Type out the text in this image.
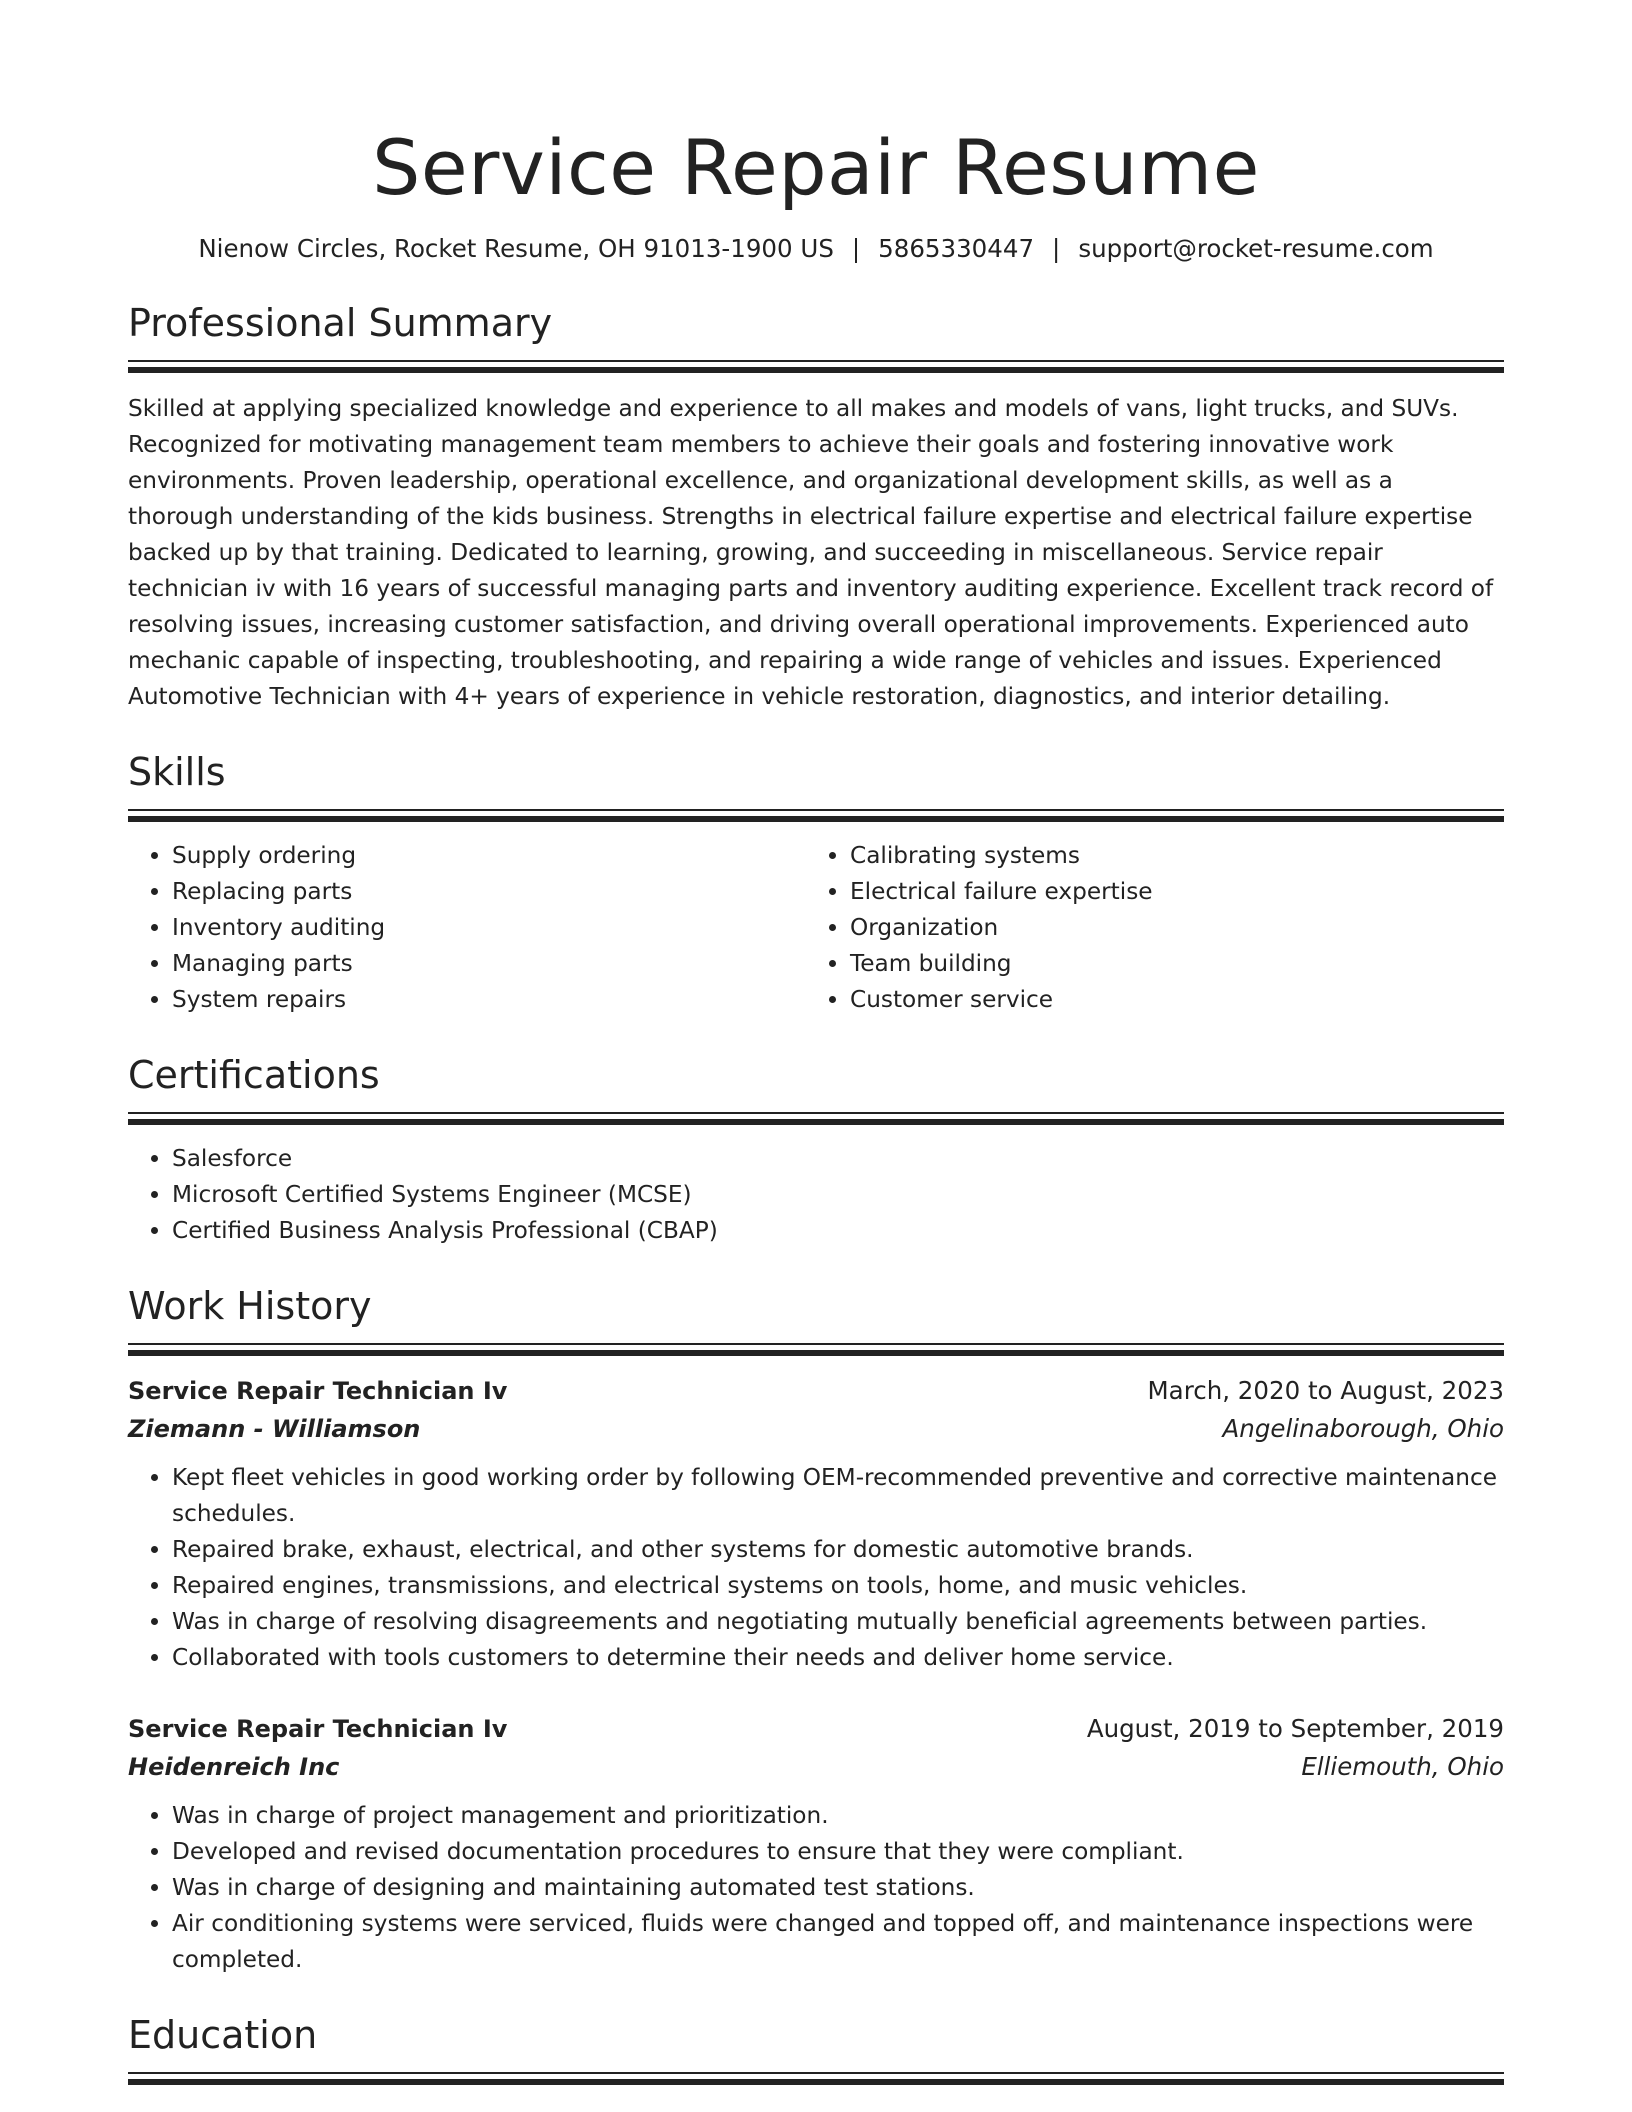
Service Repair Resume
Nienow Circles, Rocket Resume, OH 91013-1900 US | 5865330447 | support@rocket-resume.com
Professional Summary
Skilled at applying specialized knowledge and experience to all makes and models of vans, light trucks, and SUVs. Recognized for motivating management team members to achieve their goals and fostering innovative work environments. Proven leadership, operational excellence, and organizational development skills, as well as a thorough understanding of the kids business. Strengths in electrical failure expertise and electrical failure expertise backed up by that training. Dedicated to learning, growing, and succeeding in miscellaneous. Service repair technician iv with 16 years of successful managing parts and inventory auditing experience. Excellent track record of resolving issues, increasing customer satisfaction, and driving overall operational improvements. Experienced auto mechanic capable of inspecting, troubleshooting, and repairing a wide range of vehicles and issues. Experienced Automotive Technician with 4+ years of experience in vehicle restoration, diagnostics, and interior detailing.
Skills
• Supply ordering
• Replacing parts
• Inventory auditing
• Managing parts
• System repairs
• Calibrating systems
• Electrical failure expertise
• Organization
• Team building
• Customer service
Certifications
• Salesforce
• Microsoft Certified Systems Engineer (MCSE)
• Certified Business Analysis Professional (CBAP)
Work History
Service Repair Technician Iv	March, 2020 to August, 2023
Ziemann - Williamson	Angelinaborough, Ohio
• Kept fleet vehicles in good working order by following OEM-recommended preventive and corrective maintenance schedules.
• Repaired brake, exhaust, electrical, and other systems for domestic automotive brands.
• Repaired engines, transmissions, and electrical systems on tools, home, and music vehicles.
• Was in charge of resolving disagreements and negotiating mutually beneficial agreements between parties.
• Collaborated with tools customers to determine their needs and deliver home service.
Service Repair Technician Iv	August, 2019 to September, 2019
Heidenreich Inc	Elliemouth, Ohio
• Was in charge of project management and prioritization.
• Developed and revised documentation procedures to ensure that they were compliant.
• Was in charge of designing and maintaining automated test stations.
• Air conditioning systems were serviced, fluids were changed and topped off, and maintenance inspections were completed.
Education
